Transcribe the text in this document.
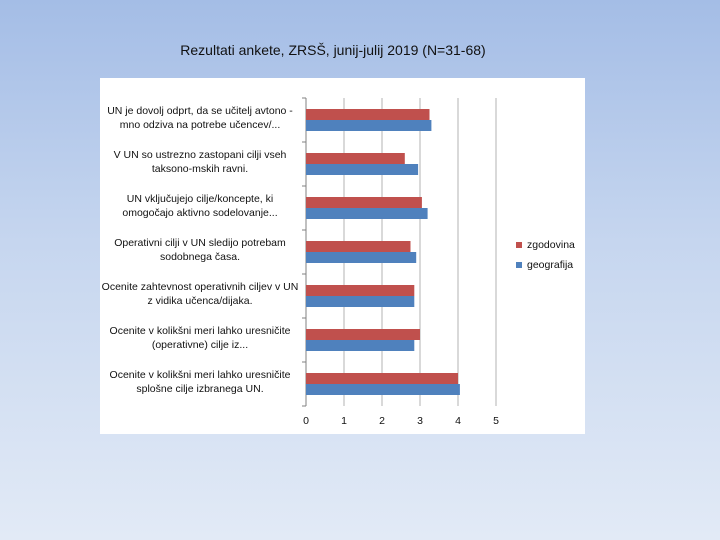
Rezultati ankete, ZRSŠ, junij-julij 2019 (N=31-68)
0	1	2	3	4	5
UN je dovolj odprt, da se učitelj avtono -mno odziva na potrebe učencev/...
V UN so ustrezno zastopani cilji vseh taksono-mskih ravni.
UN vključujejo cilje/koncepte, ki omogočajo aktivno sodelovanje...
Operativni cilji v UN sledijo potrebam sodobnega časa.
Ocenite zahtevnost operativnih ciljev v UN z vidika učenca/dijaka.
Ocenite v kolikšni meri lahko uresničite (operativne) cilje iz...
Ocenite v kolikšni meri lahko uresničite splošne cilje izbranega UN.
zgodovina
geografija
